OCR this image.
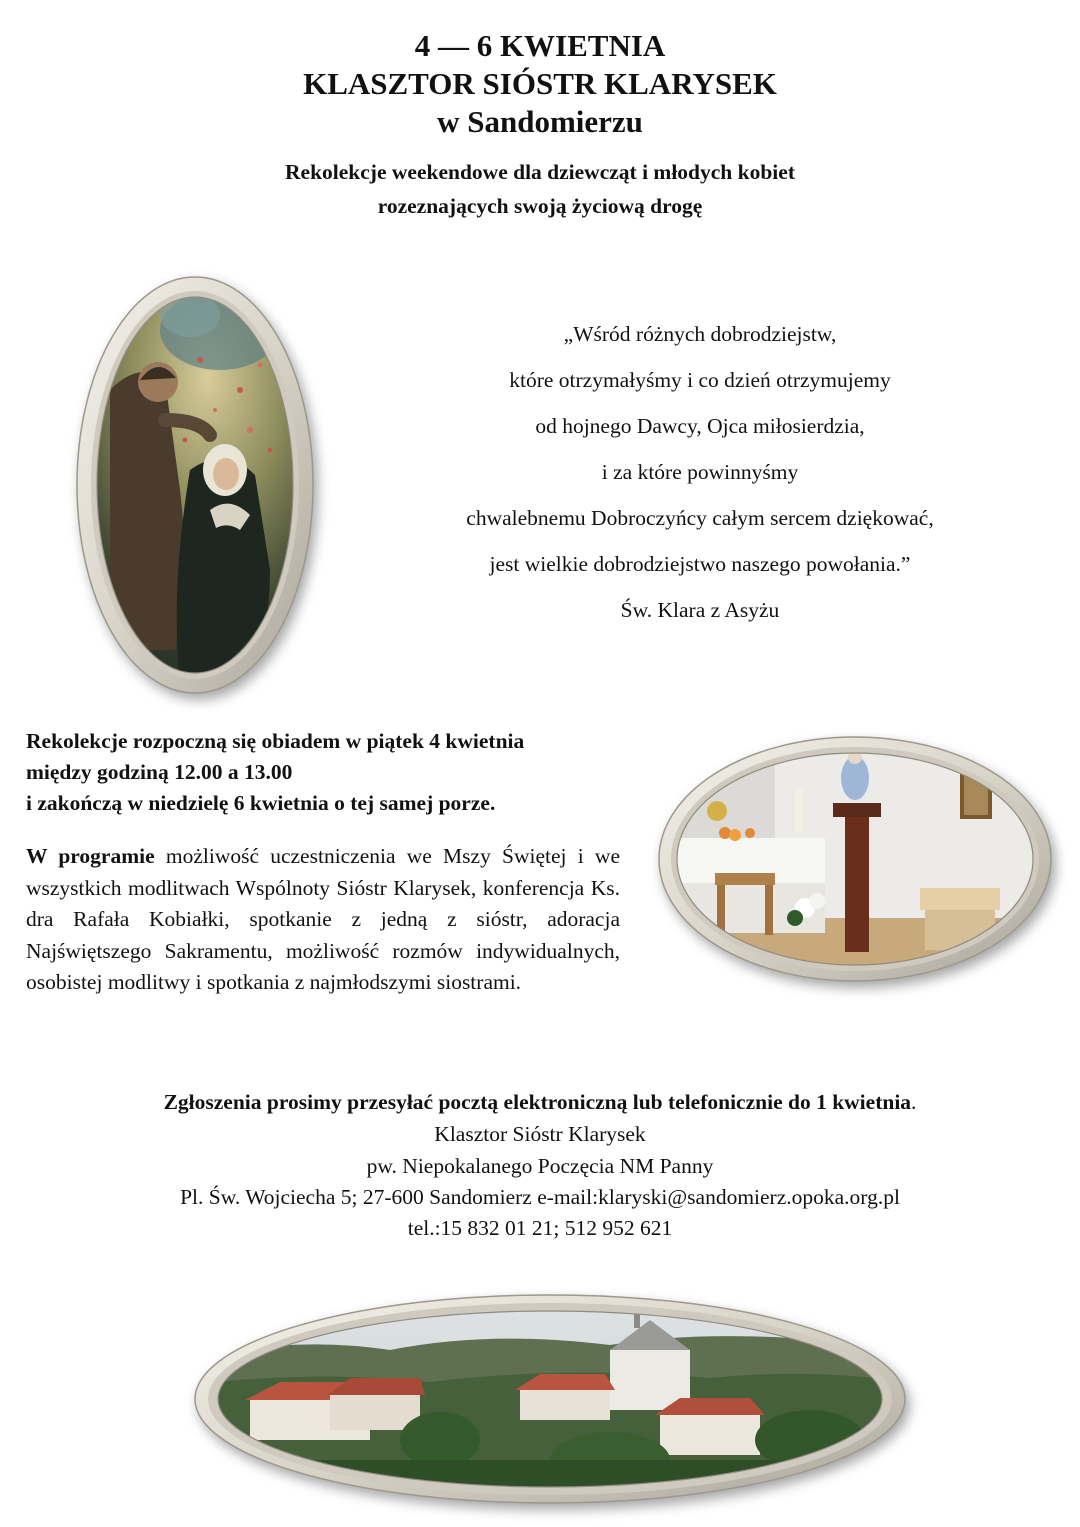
4 — 6 KWIETNIA
KLASZTOR SIÓSTR KLARYSEK
w Sandomierzu
Rekolekcje weekendowe dla dziewcząt i młodych kobiet
rozeznających swoją życiową drogę
„Wśród różnych dobrodziejstw,
które otrzymałyśmy i co dzień otrzymujemy
od hojnego Dawcy, Ojca miłosierdzia,
i za które powinnyśmy
chwalebnemu Dobroczyńcy całym sercem dziękować,
jest wielkie dobrodziejstwo naszego powołania.”
Św. Klara z Asyżu
Rekolekcje rozpoczną się obiadem w piątek 4 kwietnia
między godziną 12.00 a 13.00
i zakończą w niedzielę 6 kwietnia o tej samej porze.
W programie możliwość uczestniczenia we Mszy Świętej i we wszystkich modlitwach Wspólnoty Sióstr Klarysek, konferencja Ks. dra Rafała Kobiałki, spotkanie z jedną z sióstr, adoracja Najświętszego Sakramentu, możliwość rozmów indywidualnych, osobistej modlitwy i spotkania z najmłodszymi siostrami.
Zgłoszenia prosimy przesyłać pocztą elektroniczną lub telefonicznie do 1 kwietnia.
Klasztor Sióstr Klarysek
pw. Niepokalanego Poczęcia NM Panny
Pl. Św. Wojciecha 5; 27-600 Sandomierz e-mail:klaryski@sandomierz.opoka.org.pl
tel.:15 832 01 21; 512 952 621
